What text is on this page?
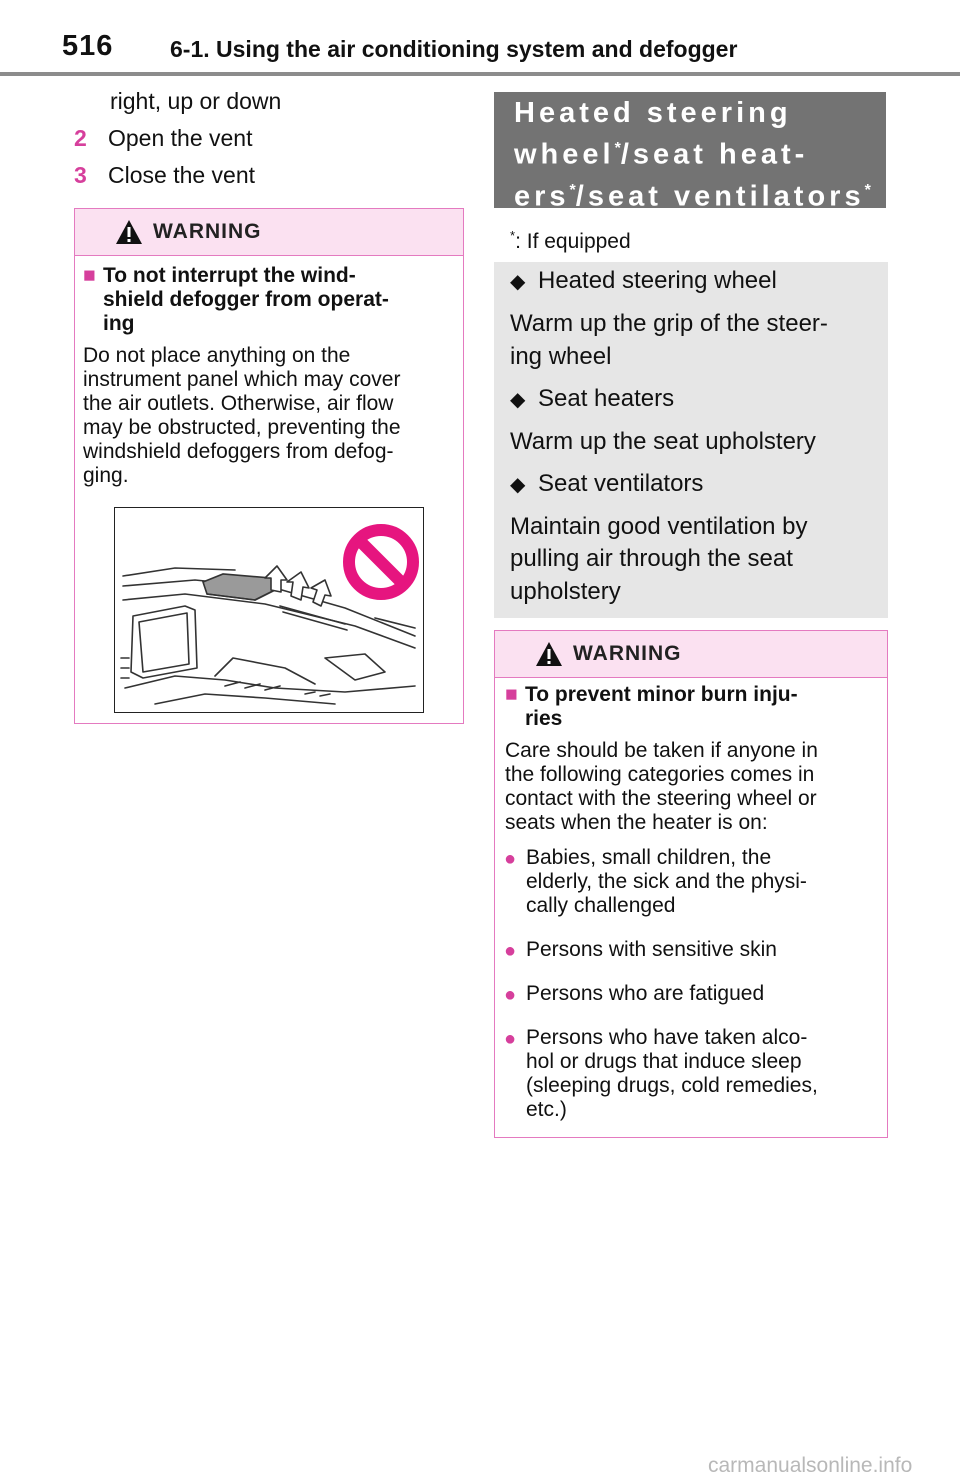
516 6-1. Using the air conditioning system and defogger
right, up or down
2 Open the vent
3 Close the vent
WARNING
■ To not interrupt the wind-
shield defogger from operat-
ing
Do not place anything on the
instrument panel which may cover
the air outlets. Otherwise, air flow
may be obstructed, preventing the
windshield defoggers from defog-
ging.
Heated steering
wheel*/seat heat-
ers*/seat ventilators*
*: If equipped
◆ Heated steering wheel
Warm up the grip of the steer-
ing wheel
◆ Seat heaters
Warm up the seat upholstery
◆ Seat ventilators
Maintain good ventilation by
pulling air through the seat
upholstery
WARNING
■ To prevent minor burn inju-
ries
Care should be taken if anyone in
the following categories comes in
contact with the steering wheel or
seats when the heater is on:
● Babies, small children, the
elderly, the sick and the physi-
cally challenged
● Persons with sensitive skin
● Persons who are fatigued
● Persons who have taken alco-
hol or drugs that induce sleep
(sleeping drugs, cold remedies,
etc.)
carmanualsonline.info
